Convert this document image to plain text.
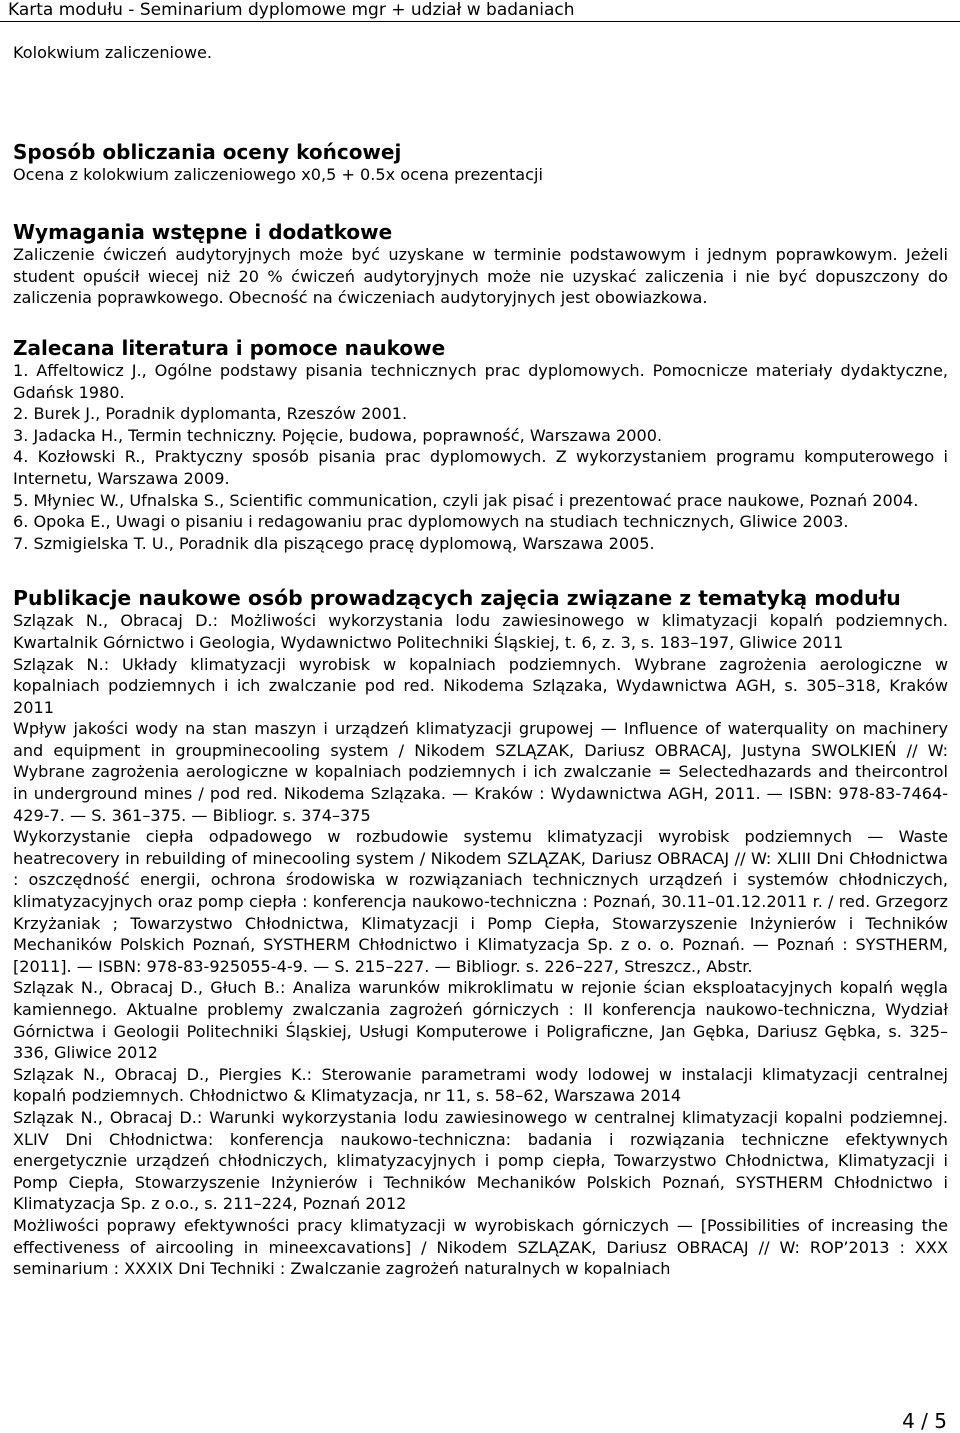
Karta modułu - Seminarium dyplomowe mgr + udział w badaniach

Kolokwium zaliczeniowe.

Sposób obliczania oceny końcowej

Ocena z kolokwium zaliczeniowego x0,5 + 0.5x ocena prezentacji

Wymagania wstępne i dodatkowe

Zaliczenie ćwiczeń audytoryjnych może być uzyskane w terminie podstawowym i jednym poprawkowym. Jeżeli student opuścił wiecej niż 20 % ćwiczeń audytoryjnych może nie uzyskać zaliczenia i nie być dopuszczony do zaliczenia poprawkowego. Obecność na ćwiczeniach audytoryjnych jest obowiazkowa.

Zalecana literatura i pomoce naukowe

1. Affeltowicz J., Ogólne podstawy pisania technicznych prac dyplomowych. Pomocnicze materiały dydaktyczne, Gdańsk 1980.

2. Burek J., Poradnik dyplomanta, Rzeszów 2001.

3. Jadacka H., Termin techniczny. Pojęcie, budowa, poprawność, Warszawa 2000.

4. Kozłowski R., Praktyczny sposób pisania prac dyplomowych. Z wykorzystaniem programu komputerowego i Internetu, Warszawa 2009.

5. Młyniec W., Ufnalska S., Scientific communication, czyli jak pisać i prezentować prace naukowe, Poznań 2004.

6. Opoka E., Uwagi o pisaniu i redagowaniu prac dyplomowych na studiach technicznych, Gliwice 2003.

7. Szmigielska T. U., Poradnik dla piszącego pracę dyplomową, Warszawa 2005.

Publikacje naukowe osób prowadzących zajęcia związane z tematyką modułu

Szlązak N., Obracaj D.: Możliwości wykorzystania lodu zawiesinowego w klimatyzacji kopalń podziemnych. Kwartalnik Górnictwo i Geologia, Wydawnictwo Politechniki Śląskiej, t. 6, z. 3, s. 183–197, Gliwice 2011

Szlązak N.: Układy klimatyzacji wyrobisk w kopalniach podziemnych. Wybrane zagrożenia aerologiczne w kopalniach podziemnych i ich zwalczanie pod red. Nikodema Szlązaka, Wydawnictwa AGH, s. 305–318, Kraków 2011

Wpływ jakości wody na stan maszyn i urządzeń klimatyzacji grupowej — Influence of waterquality on machinery and equipment in groupminecooling system / Nikodem SZLĄZAK, Dariusz OBRACAJ, Justyna SWOLKIEŃ // W: Wybrane zagrożenia aerologiczne w kopalniach podziemnych i ich zwalczanie = Selectedhazards and theircontrol in underground mines / pod red. Nikodema Szlązaka. — Kraków : Wydawnictwa AGH, 2011. — ISBN: 978-83-7464-429-7. — S. 361–375. — Bibliogr. s. 374–375

Wykorzystanie ciepła odpadowego w rozbudowie systemu klimatyzacji wyrobisk podziemnych — Waste heatrecovery in rebuilding of minecooling system / Nikodem SZLĄZAK, Dariusz OBRACAJ // W: XLIII Dni Chłodnictwa : oszczędność energii, ochrona środowiska w rozwiązaniach technicznych urządzeń i systemów chłodniczych, klimatyzacyjnych oraz pomp ciepła : konferencja naukowo-techniczna : Poznań, 30.11–01.12.2011 r. / red. Grzegorz Krzyżaniak ; Towarzystwo Chłodnictwa, Klimatyzacji i Pomp Ciepła, Stowarzyszenie Inżynierów i Techników Mechaników Polskich Poznań, SYSTHERM Chłodnictwo i Klimatyzacja Sp. z o. o. Poznań. — Poznań : SYSTHERM, [2011]. — ISBN: 978-83-925055-4-9. — S. 215–227. — Bibliogr. s. 226–227, Streszcz., Abstr.

Szlązak N., Obracaj D., Głuch B.: Analiza warunków mikroklimatu w rejonie ścian eksploatacyjnych kopalń węgla kamiennego. Aktualne problemy zwalczania zagrożeń górniczych : II konferencja naukowo-techniczna, Wydział Górnictwa i Geologii Politechniki Śląskiej, Usługi Komputerowe i Poligraficzne, Jan Gębka, Dariusz Gębka, s. 325–336, Gliwice 2012

Szlązak N., Obracaj D., Piergies K.: Sterowanie parametrami wody lodowej w instalacji klimatyzacji centralnej kopalń podziemnych. Chłodnictwo & Klimatyzacja, nr 11, s. 58–62, Warszawa 2014

Szlązak N., Obracaj D.: Warunki wykorzystania lodu zawiesinowego w centralnej klimatyzacji kopalni podziemnej. XLIV Dni Chłodnictwa: konferencja naukowo-techniczna: badania i rozwiązania techniczne efektywnych energetycznie urządzeń chłodniczych, klimatyzacyjnych i pomp ciepła, Towarzystwo Chłodnictwa, Klimatyzacji i Pomp Ciepła, Stowarzyszenie Inżynierów i Techników Mechaników Polskich Poznań, SYSTHERM Chłodnictwo i Klimatyzacja Sp. z o.o., s. 211–224, Poznań 2012

Możliwości poprawy efektywności pracy klimatyzacji w wyrobiskach górniczych — [Possibilities of increasing the effectiveness of aircooling in mineexcavations] / Nikodem SZLĄZAK, Dariusz OBRACAJ // W: ROP’2013 : XXX seminarium : XXXIX Dni Techniki : Zwalczanie zagrożeń naturalnych w kopalniach

4 / 5
